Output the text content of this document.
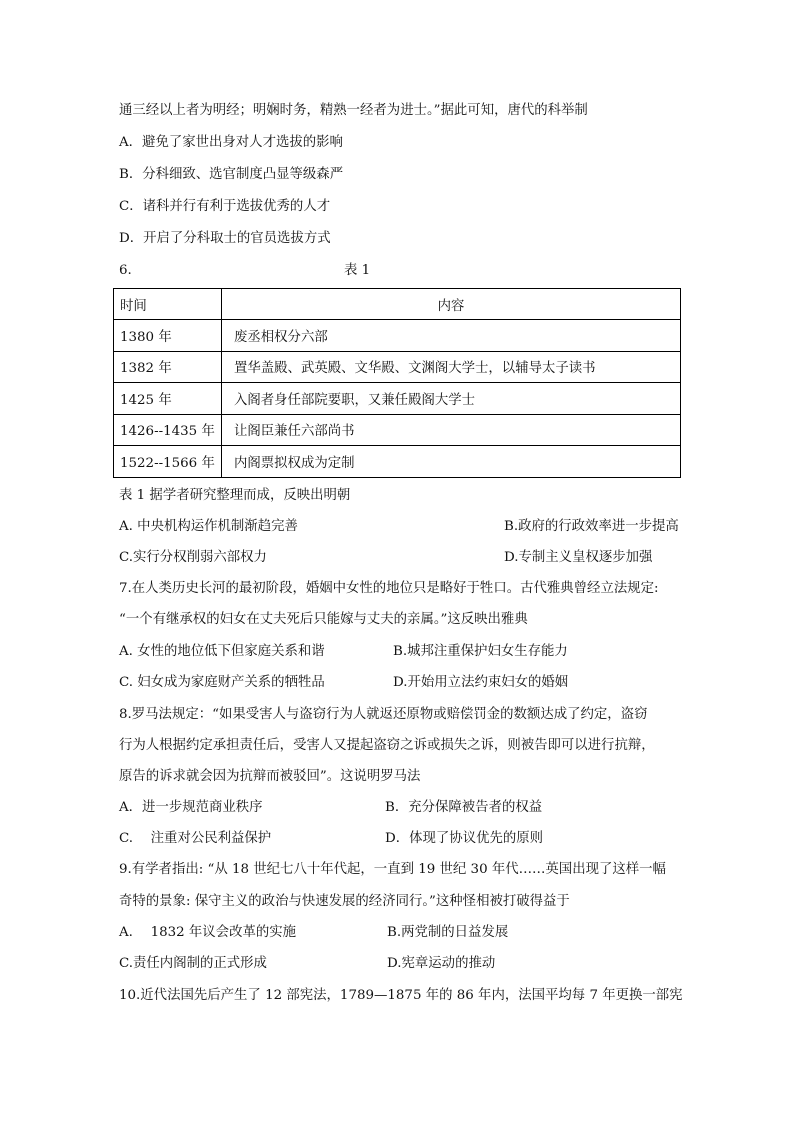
通三经以上者为明经；明娴时务，精熟一经者为进士。”据此可知，唐代的科举制
A．避免了家世出身对人才选拔的影响
B．分科细致、选官制度凸显等级森严
C．诸科并行有利于选拔优秀的人才
D．开启了分科取士的官员选拔方式
6.	表 1
时间	内容
1380 年	废丞相权分六部
1382 年	置华盖殿、武英殿、文华殿、文渊阁大学士，以辅导太子读书
1425 年	入阁者身任部院要职，又兼任殿阁大学士
1426--1435 年	让阁臣兼任六部尚书
1522--1566 年	内阁票拟权成为定制
表 1 据学者研究整理而成，反映出明朝
A. 中央机构运作机制渐趋完善	B.政府的行政效率进一步提高
C.实行分权削弱六部权力	D.专制主义皇权逐步加强
7.在人类历史长河的最初阶段，婚姻中女性的地位只是略好于牲口。古代雅典曾经立法规定:
“一个有继承权的妇女在丈夫死后只能嫁与丈夫的亲属。”这反映出雅典
A. 女性的地位低下但家庭关系和谐	B.城邦注重保护妇女生存能力
C. 妇女成为家庭财产关系的牺牲品	D.开始用立法约束妇女的婚姻
8.罗马法规定：“如果受害人与盗窃行为人就返还原物或赔偿罚金的数额达成了约定，盗窃
行为人根据约定承担责任后，受害人又提起盗窃之诉或损失之诉，则被告即可以进行抗辩，
原告的诉求就会因为抗辩而被驳回”。这说明罗马法
A．进一步规范商业秩序	B．充分保障被告者的权益
C.　 注重对公民利益保护	D．体现了协议优先的原则
9.有学者指出: “从 18 世纪七八十年代起，一直到 19 世纪 30 年代……英国出现了这样一幅
奇特的景象: 保守主义的政治与快速发展的经济同行。”这种怪相被打破得益于
A.　 1832 年议会改革的实施	B.两党制的日益发展
C.责任内阁制的正式形成	D.宪章运动的推动
10.近代法国先后产生了 12 部宪法，1789—1875 年的 86 年内，法国平均每 7 年更换一部宪
